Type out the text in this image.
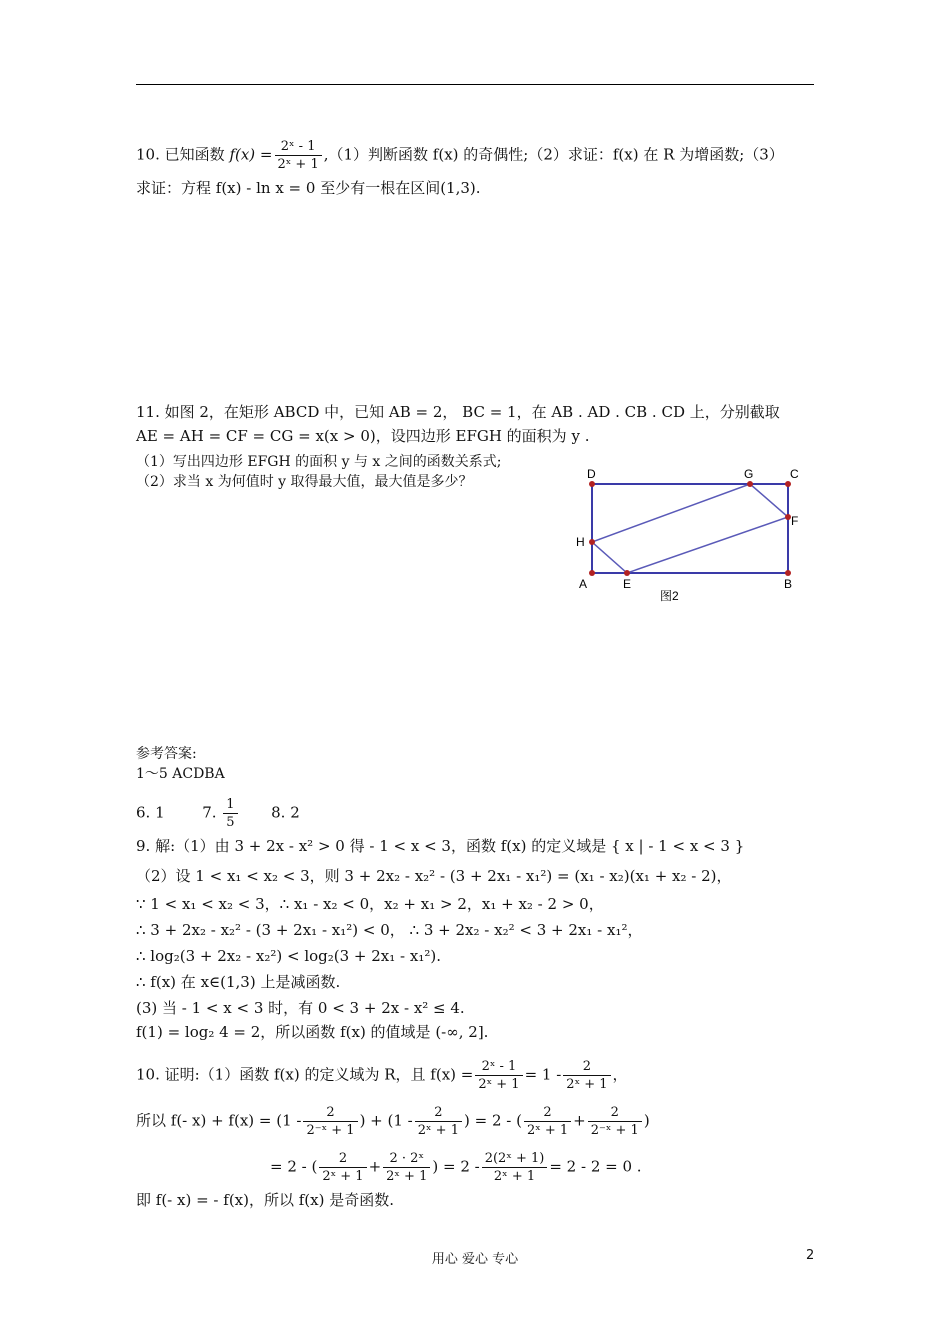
10. 已知函数 $f(x) = \frac{\text{2ˣ - 1}}{\text{2ˣ + 1}} ,(1)$判断函数 f(x) 的奇偶性;（2）求证：f(x) 在 R 为增函数;（3）
求证：方程 f(x) - ln x = 0 至少有一根在区间(1,3).
11. 如图 2，在矩形 ABCD 中，已知 AB = 2， BC = 1，在 AB . AD . CB . CD 上，分别截取
AE = AH = CF = CG = x(x > 0)，设四边形 EFGH 的面积为 y .
（1）写出四边形 EFGH 的面积 y 与 x 之间的函数关系式;
（2）求当 x 为何值时 y 取得最大值，最大值是多少？	D	G	C
F
H
A	E	B
图2
参考答案:
1～5 ACDBA
6. 1	7. $\frac{1}{5} 8$. 2
9. 解:（1）由 3 + 2x - x² > 0 得 - 1 < x < 3，函数 f(x) 的定义域是 { x | - 1 < x < 3 }
（2）设 1 < x₁ < x₂ < 3，则 3 + 2x₂ - x₂² - (3 + 2x₁ - x₁²) = (x₁ - x₂)(x₁ + x₂ - 2)，
∵ 1 < x₁ < x₂ < 3，∴ x₁ - x₂ < 0，x₂ + x₁ > 2，x₁ + x₂ - 2 > 0，
∴ 3 + 2x₂ - x₂² - (3 + 2x₁ - x₁²) < 0， ∴ 3 + 2x₂ - x₂² < 3 + 2x₁ - x₁²，
∴ log₂(3 + 2x₂ - x₂²) < log₂(3 + 2x₁ - x₁²).
∴ f(x) 在 x∈(1,3) 上是减函数.
(3) 当 - 1 < x < 3 时，有 0 < 3 + 2x - x² ≤ 4.
f(1) = log₂ 4 = 2，所以函数 f(x) 的值域是 (-∞, 2].
10. 证明:（1）函数 f(x) 的定义域为 R，且 $f(x) = \frac{\text{2ˣ - 1}}{\text{2ˣ + 1}} = 1 - \frac{2}{\text{2ˣ + 1}}$ ，
所以 f(- $x) + f(x) = (1 - \frac{2}{\text{2⁻ˣ + 1}}$ ) + ($1 - \frac{2}{\text{2ˣ + 1}}$ ) = 2 - ( $\frac{2}{\text{2ˣ + 1}} + \frac{2}{\text{2⁻ˣ + 1}}$ )
= 2 - ( $\frac{2}{\text{2ˣ + 1}} + \frac{\text{2 · 2ˣ}}{\text{2ˣ + 1}}$ ) = $2 - \frac{\text{2(2ˣ + 1)}}{\text{2ˣ + 1}} = 2 - 2 = 0$ .
即 f(- x) = - f(x)，所以 f(x) 是奇函数.
用心 爱心 专心	2
